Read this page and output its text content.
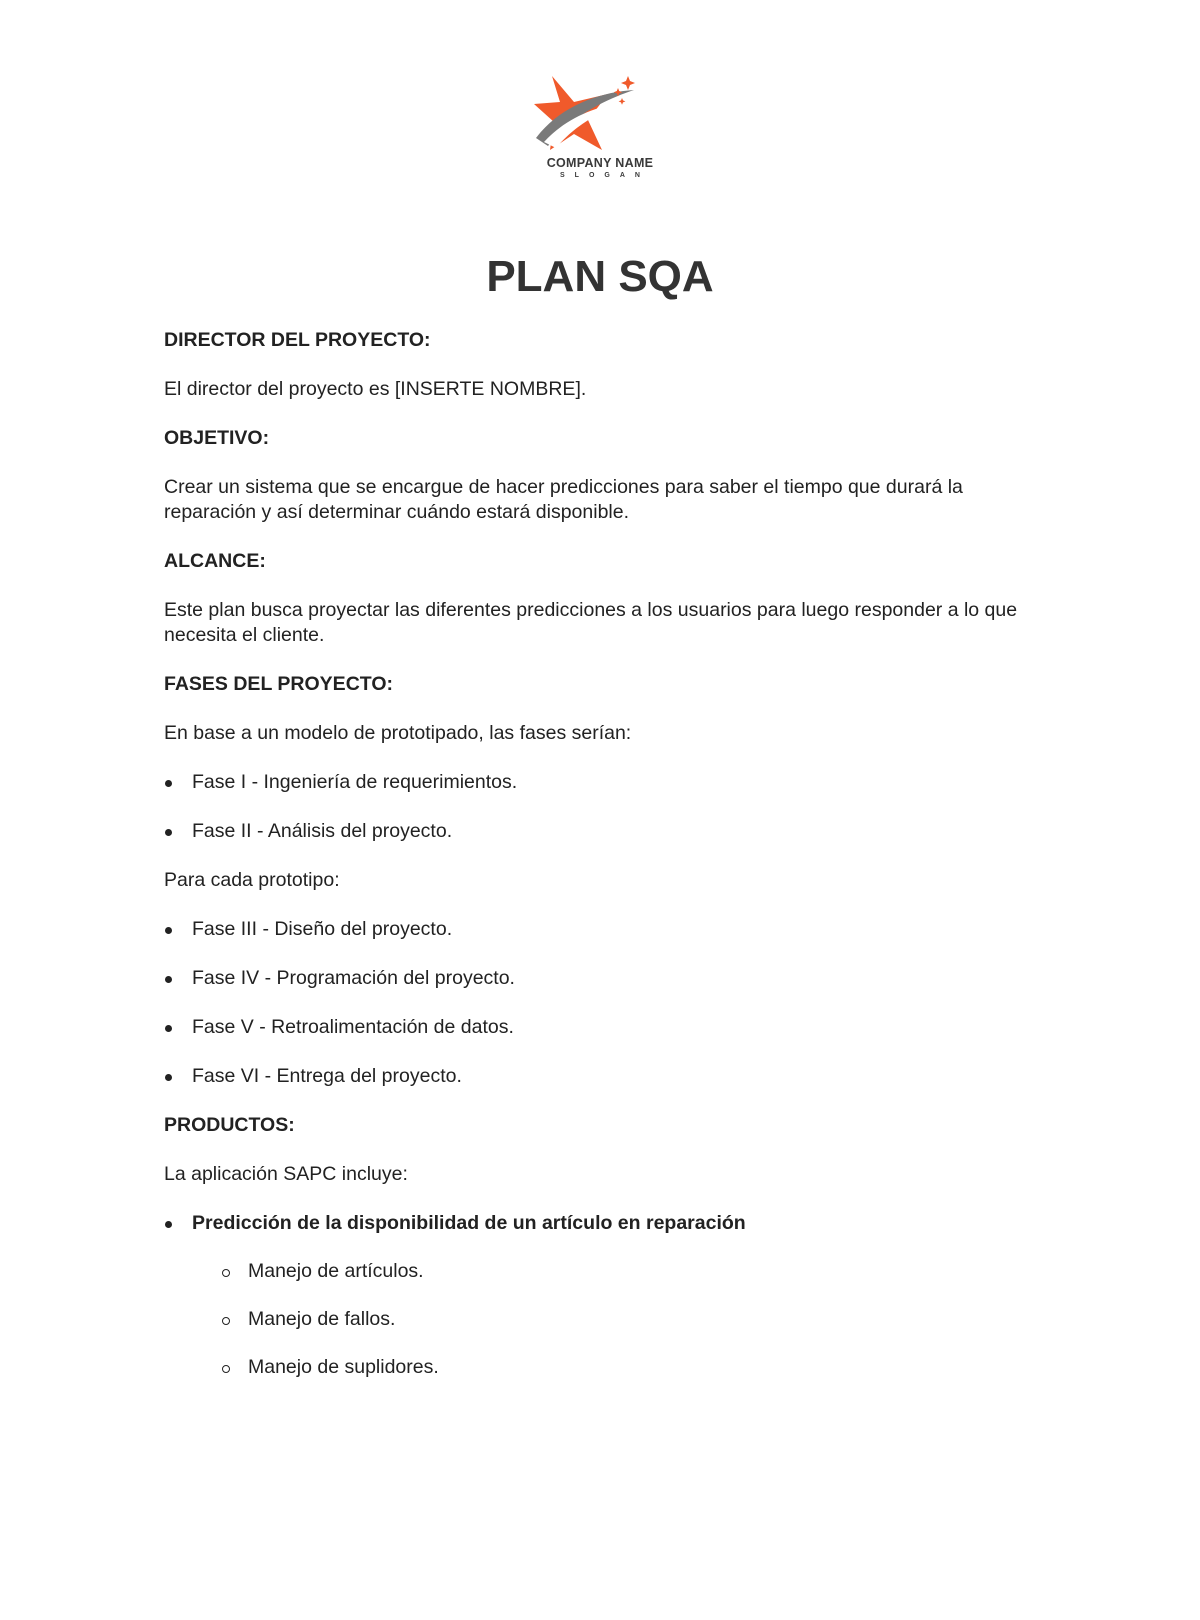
COMPANY NAME
SLOGAN
PLAN SQA

DIRECTOR DEL PROYECTO:

El director del proyecto es [INSERTE NOMBRE].

OBJETIVO:

Crear un sistema que se encargue de hacer predicciones para saber el tiempo que durará la reparación y así determinar cuándo estará disponible.

ALCANCE:

Este plan busca proyectar las diferentes predicciones a los usuarios para luego responder a lo que necesita el cliente.

FASES DEL PROYECTO:

En base a un modelo de prototipado, las fases serían:

Fase I - Ingeniería de requerimientos.
Fase II - Análisis del proyecto.

Para cada prototipo:

Fase III - Diseño del proyecto.
Fase IV - Programación del proyecto.
Fase V - Retroalimentación de datos.
Fase VI - Entrega del proyecto.

PRODUCTOS:

La aplicación SAPC incluye:

Predicción de la disponibilidad de un artículo en reparación
Manejo de artículos.
Manejo de fallos.
Manejo de suplidores.
